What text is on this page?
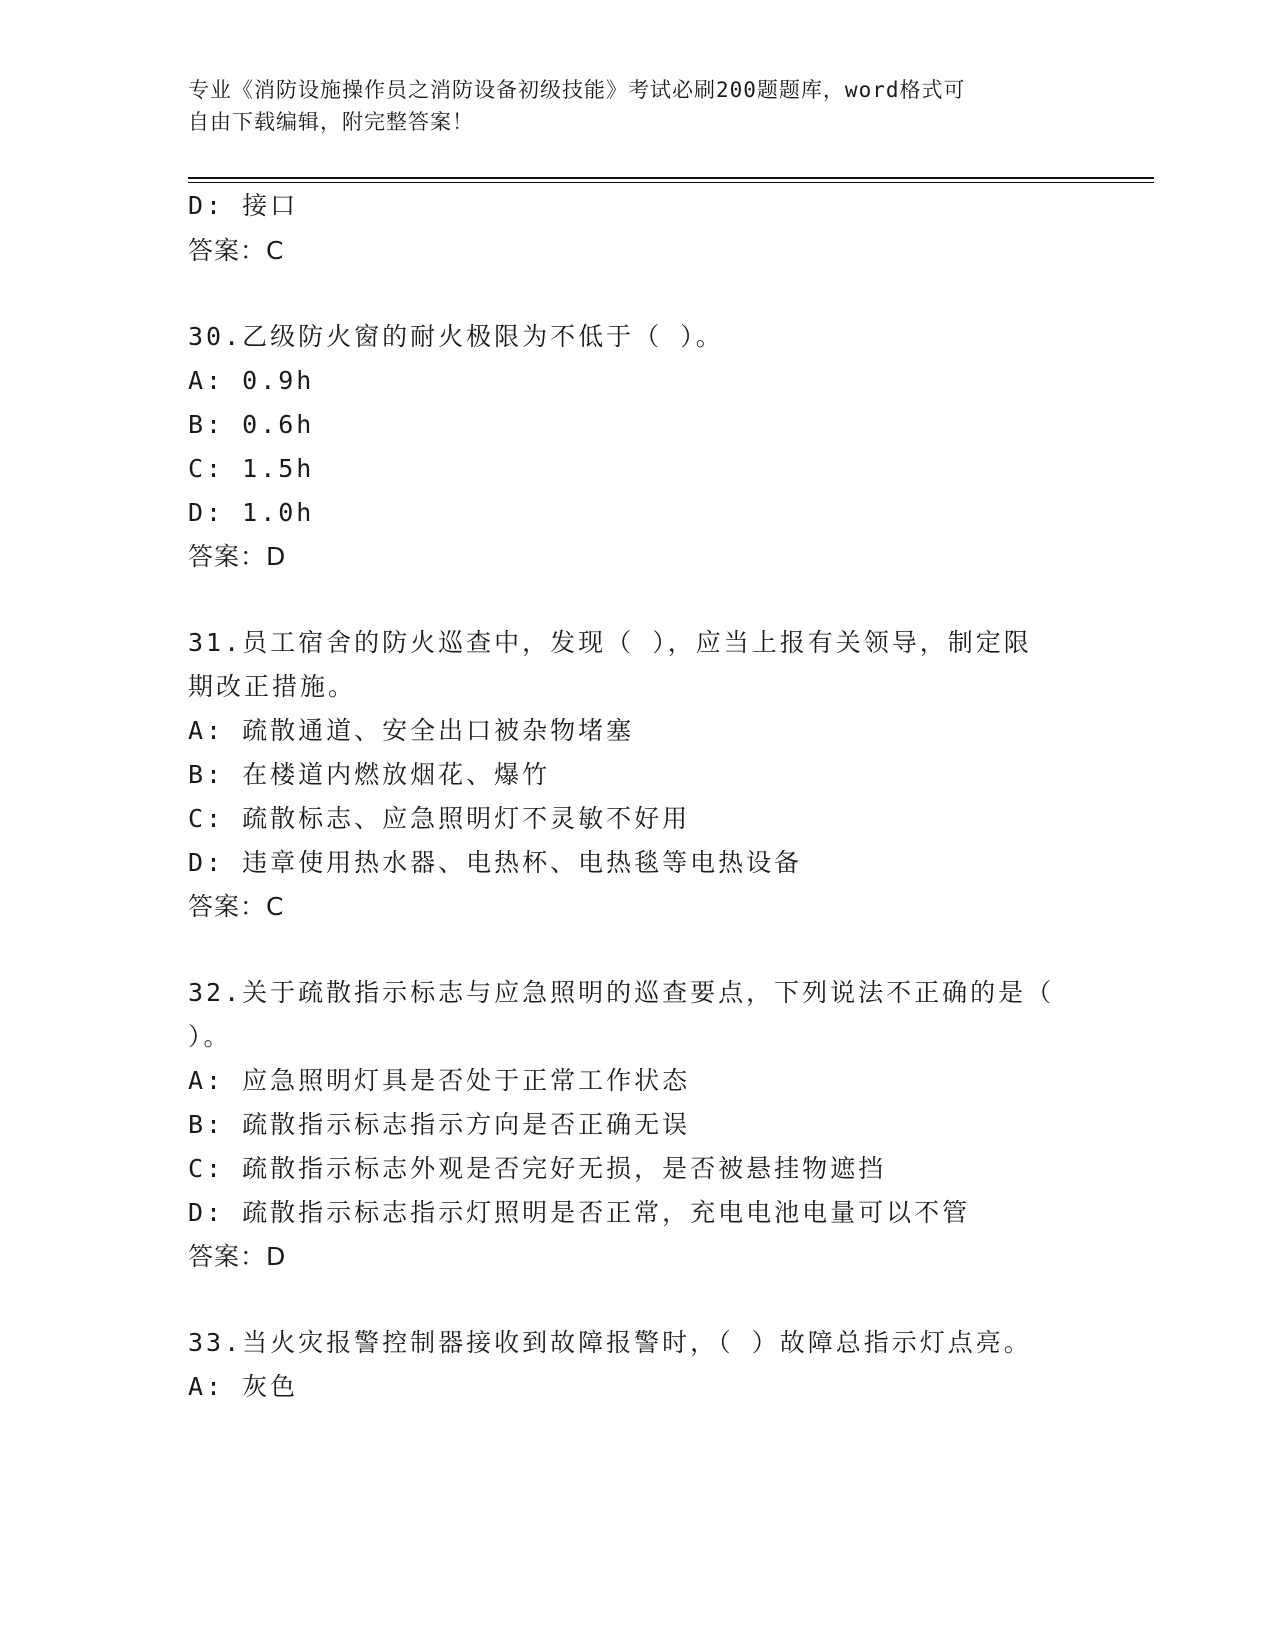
专业《消防设施操作员之消防设备初级技能》考试必刷200题题库，word格式可
自由下载编辑，附完整答案！
D: 接口
答案：C
30.乙级防火窗的耐火极限为不低于（ ）。
A: 0.9h
B: 0.6h
C: 1.5h
D: 1.0h
答案：D
31.员工宿舍的防火巡查中，发现（ ），应当上报有关领导，制定限
期改正措施。
A: 疏散通道、安全出口被杂物堵塞
B: 在楼道内燃放烟花、爆竹
C: 疏散标志、应急照明灯不灵敏不好用
D: 违章使用热水器、电热杯、电热毯等电热设备
答案：C
32.关于疏散指示标志与应急照明的巡查要点，下列说法不正确的是（
）。
A: 应急照明灯具是否处于正常工作状态
B: 疏散指示标志指示方向是否正确无误
C: 疏散指示标志外观是否完好无损，是否被悬挂物遮挡
D: 疏散指示标志指示灯照明是否正常，充电电池电量可以不管
答案：D
33.当火灾报警控制器接收到故障报警时，（ ）故障总指示灯点亮。
A: 灰色
